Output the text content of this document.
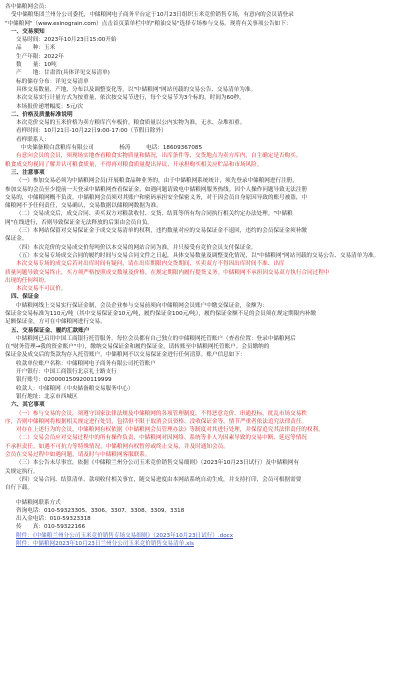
各中储粮网会员：
受中储粮集团兰州分公司委托，中储粮网电子商务平台定于10月23日组织玉米竞价销售专场，有意向的会员请登录
"中储粮网"（www.esinograin.com）点击首页菜单栏中的"粮油交易"选择专场参与交易。现将有关事项公告如下：
一、交易须知
交易时间：2023年10月23日15:00开始
品　　种：玉米
生产年限：2022年
数　　量：10吨
产　　地：甘肃省(具体详见交易清单)
标的储存分布：详见交易清单
具体交易数量、产地、分布以及调整变化等，以"中储粮网"网站刊载的交易公告、交易清单为准。
本次交易实行计量方式为按重量，依次按交易节进行，每个交易节为3个标的，时间为60秒。
本场报价递增幅度：5元/次
二、价格及质量标准说明
本次竞价交易的玉米价格为卖方粮库汽车板价。粮食质量以公内实物为准，无水、杂堆扣重。
看样时间：10月21日-10月22日9:00-17:00（节假日除外）
看样联系人：
中央储备粮白盘粮库有限公司	杨涛	电话：18609367085
有意向会员的会员，须现场实地查看粮食实物质量和储况，出库条件等，交货地点为卖方库内，自主确定是否购买。
粮食成交均视同了解并认可粮食质量，不得再对粮食质量提出异议，开承担购买相关应贮品和市场风险。
三、注意事项
（一）参加交易必须为中储粮网会员(开展粮食品种业务的，由于中储粮网系统统计，须先登录中储粮网进行注册，
参加交易的会员至少提前一天登录中储粮网查看保证金，如遇问题请致电中储粮网服务热线。因个人操作问题导致无法注册
交易的，中储粮网概不负责。中储粮网会员须对其账户和密码承担安全保密义务，对于因会员自身原因导致的账号被盗，中
储粮网不予任何责任，交易确认，交易数据以储粮网数据为准。
（二）交易成交后，成交合同、卖买双方对粮款收付、交货、结算等所有均合同执行相关约定办法处理。"中储粮
网"在线进行，否则导致保证金无法释放的后果由会员自负。
（三）本网站保留对交易保证金于成交交易清单的权利，违约数量对应的交易保证金不退回，违约的会员保证金须补缴
保证金。
（四）本次竞价的交易成交价每吨价以本交易的网站合同为准，并只接受有竞价会员支付保证金。
（五）本交易专场成交合同的履约时间与交易合同文件之日起，具体交易数量及调整变化情况，以"中储粮网"网站刊载的交易公告、交易清单为准。
本次交易专场的成交后若对出库时间有疑问，请在出库期限内交货期间，买卖双方不得因出库时间不准、出库
质量问题导致交易终止，买方须严格按照成交数量及价格，在规定期限内履行提货义务。中储粮网不承担因交易双方执行合同过程中
出现的任何纠纷。
本次交易不可议价。
四、保证金
中储粮网线上交易实行保证金制，会员企业参与交易前须向中储粮网会员账户中缴交保证金，金额为：
保证金交易标准为110元/吨（其中交易保证金10元/吨，履约保证金100元/吨），履约保证金额不足的会员须在规定期限内补缴
足额保证金，方可在中储粮网进行交易。
五、交易保证金、履约汇款账户
中储粮网已启用中国工商银行托管服务，每位会员都有自己独立的中储粮网托管账户（查看位置：登录中储粮网后
在"财务管理→我的资金账户"中），缴纳交易保证金和履约保证金，请转账至中储粮网托管账户。会员缴纳的
保证金及成交后的货款均存入托管账户，中储粮网不以交易保证金进行任何清算。账户信息如下：
收款单位账户名称：中储粮网电子商务有限公司托管账户
开户银行：中国工商银行北京礼士路支行
银行账号：0200001509200119999
收款人：中储粮网（中央储备粮交易服务中心）
银行地址：北京市西城区
六、其它事项
（一）参与交易的会员，须遵守国家法律法规及中储粮网的各项管理制度，不得恶意竞价、串通投标，扰乱市场交易秩
序，否则中储粮网将根据相关规定进行处罚，包括但不限于取消会员资格、没收保证金等，情节严重者依法追究法律责任。
对存在上述行为的会员，中储粮网有权依据《中储粮网会员管理办法》等制度对其进行处理，并保留追究其法律责任的权利。
（二）交易会员应对交易过程中的所有操作负责，中储粮网对因网络、系统等非人为因素导致的交易中断、延迟等情况
不承担责任。如遇不可抗力等特殊情况，中储粮网有权暂停或终止交易，并及时通知会员。
会员在交易过程中如遇问题，请及时与中储粮网客服联系。
（三）本公告未尽事宜，依据《中储粮兰州分公司玉米竞价销售交易细则》（2023年10月23日试行）及中储粮网有
关规定执行。
（四）交易合同、结算清单、款项收付相关事宜，随交易进度由本网站系统自动生成，并支持打印，会员可根据需要
自行下载。
中储粮网联系方式
咨询电话：010-59323305、3306、3307、3308、3309、3318
出入金电话：010-59323318
传　　真：010-59322166
附件：《中储粮兰州分公司玉米竞价销售专场交易细则》（2023年10月23日试行）.docx
附件：中储粮网2023年10月23日兰州分公司玉米竞价销售交易清单.xls
